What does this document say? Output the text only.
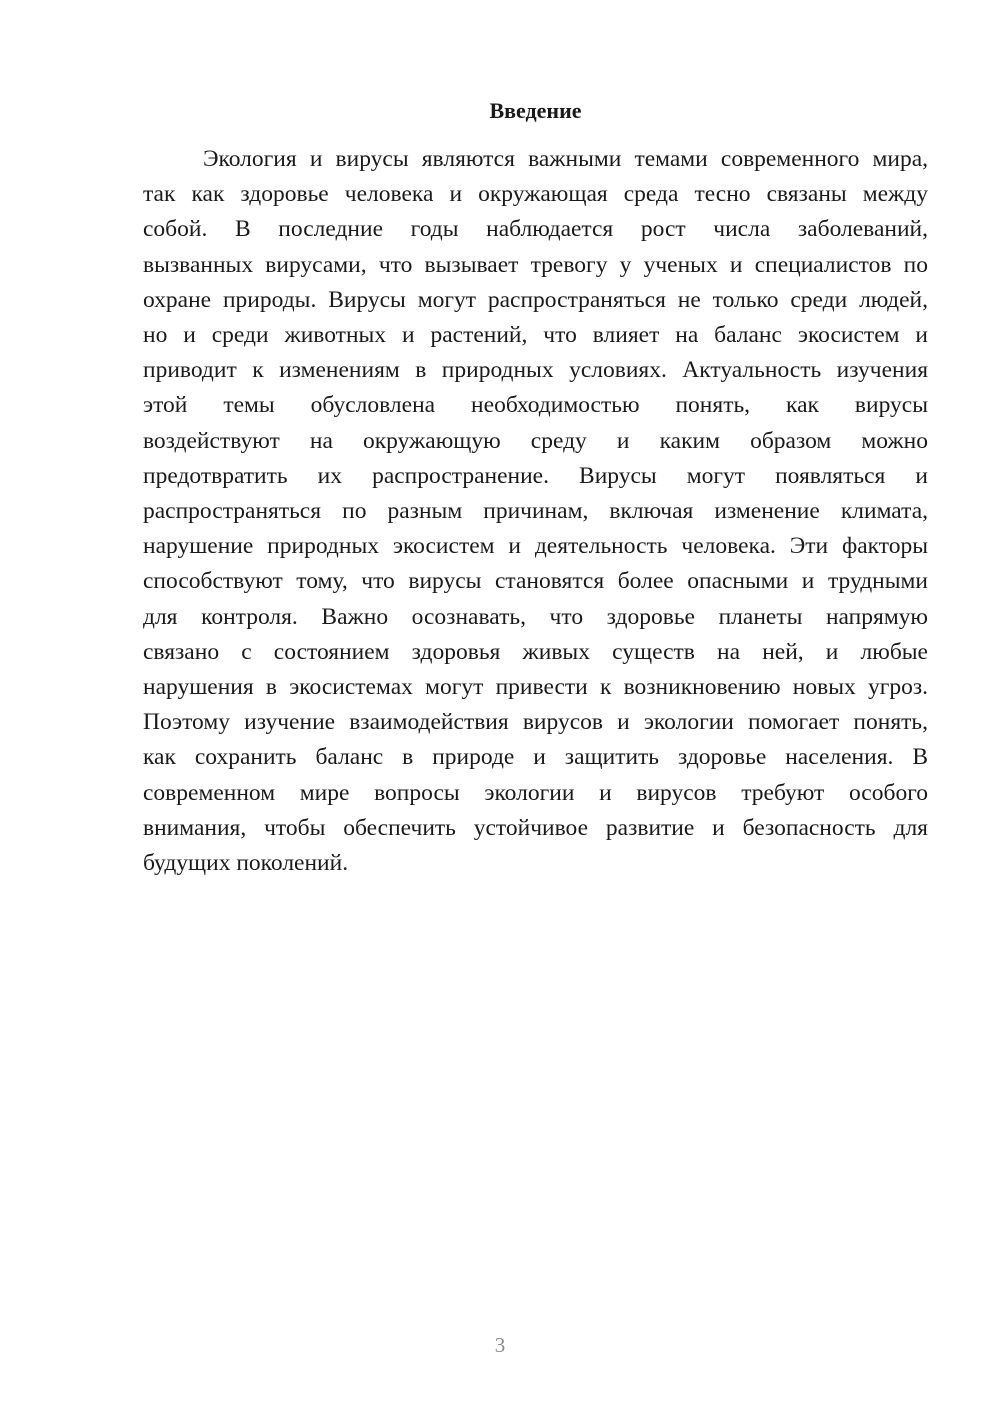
Введение
Экология и вирусы являются важными темами современного мира,
так как здоровье человека и окружающая среда тесно связаны между
собой. В последние годы наблюдается рост числа заболеваний,
вызванных вирусами, что вызывает тревогу у ученых и специалистов по
охране природы. Вирусы могут распространяться не только среди людей,
но и среди животных и растений, что влияет на баланс экосистем и
приводит к изменениям в природных условиях. Актуальность изучения
этой темы обусловлена необходимостью понять, как вирусы
воздействуют на окружающую среду и каким образом можно
предотвратить их распространение. Вирусы могут появляться и
распространяться по разным причинам, включая изменение климата,
нарушение природных экосистем и деятельность человека. Эти факторы
способствуют тому, что вирусы становятся более опасными и трудными
для контроля. Важно осознавать, что здоровье планеты напрямую
связано с состоянием здоровья живых существ на ней, и любые
нарушения в экосистемах могут привести к возникновению новых угроз.
Поэтому изучение взаимодействия вирусов и экологии помогает понять,
как сохранить баланс в природе и защитить здоровье населения. В
современном мире вопросы экологии и вирусов требуют особого
внимания, чтобы обеспечить устойчивое развитие и безопасность для
будущих поколений.

3
